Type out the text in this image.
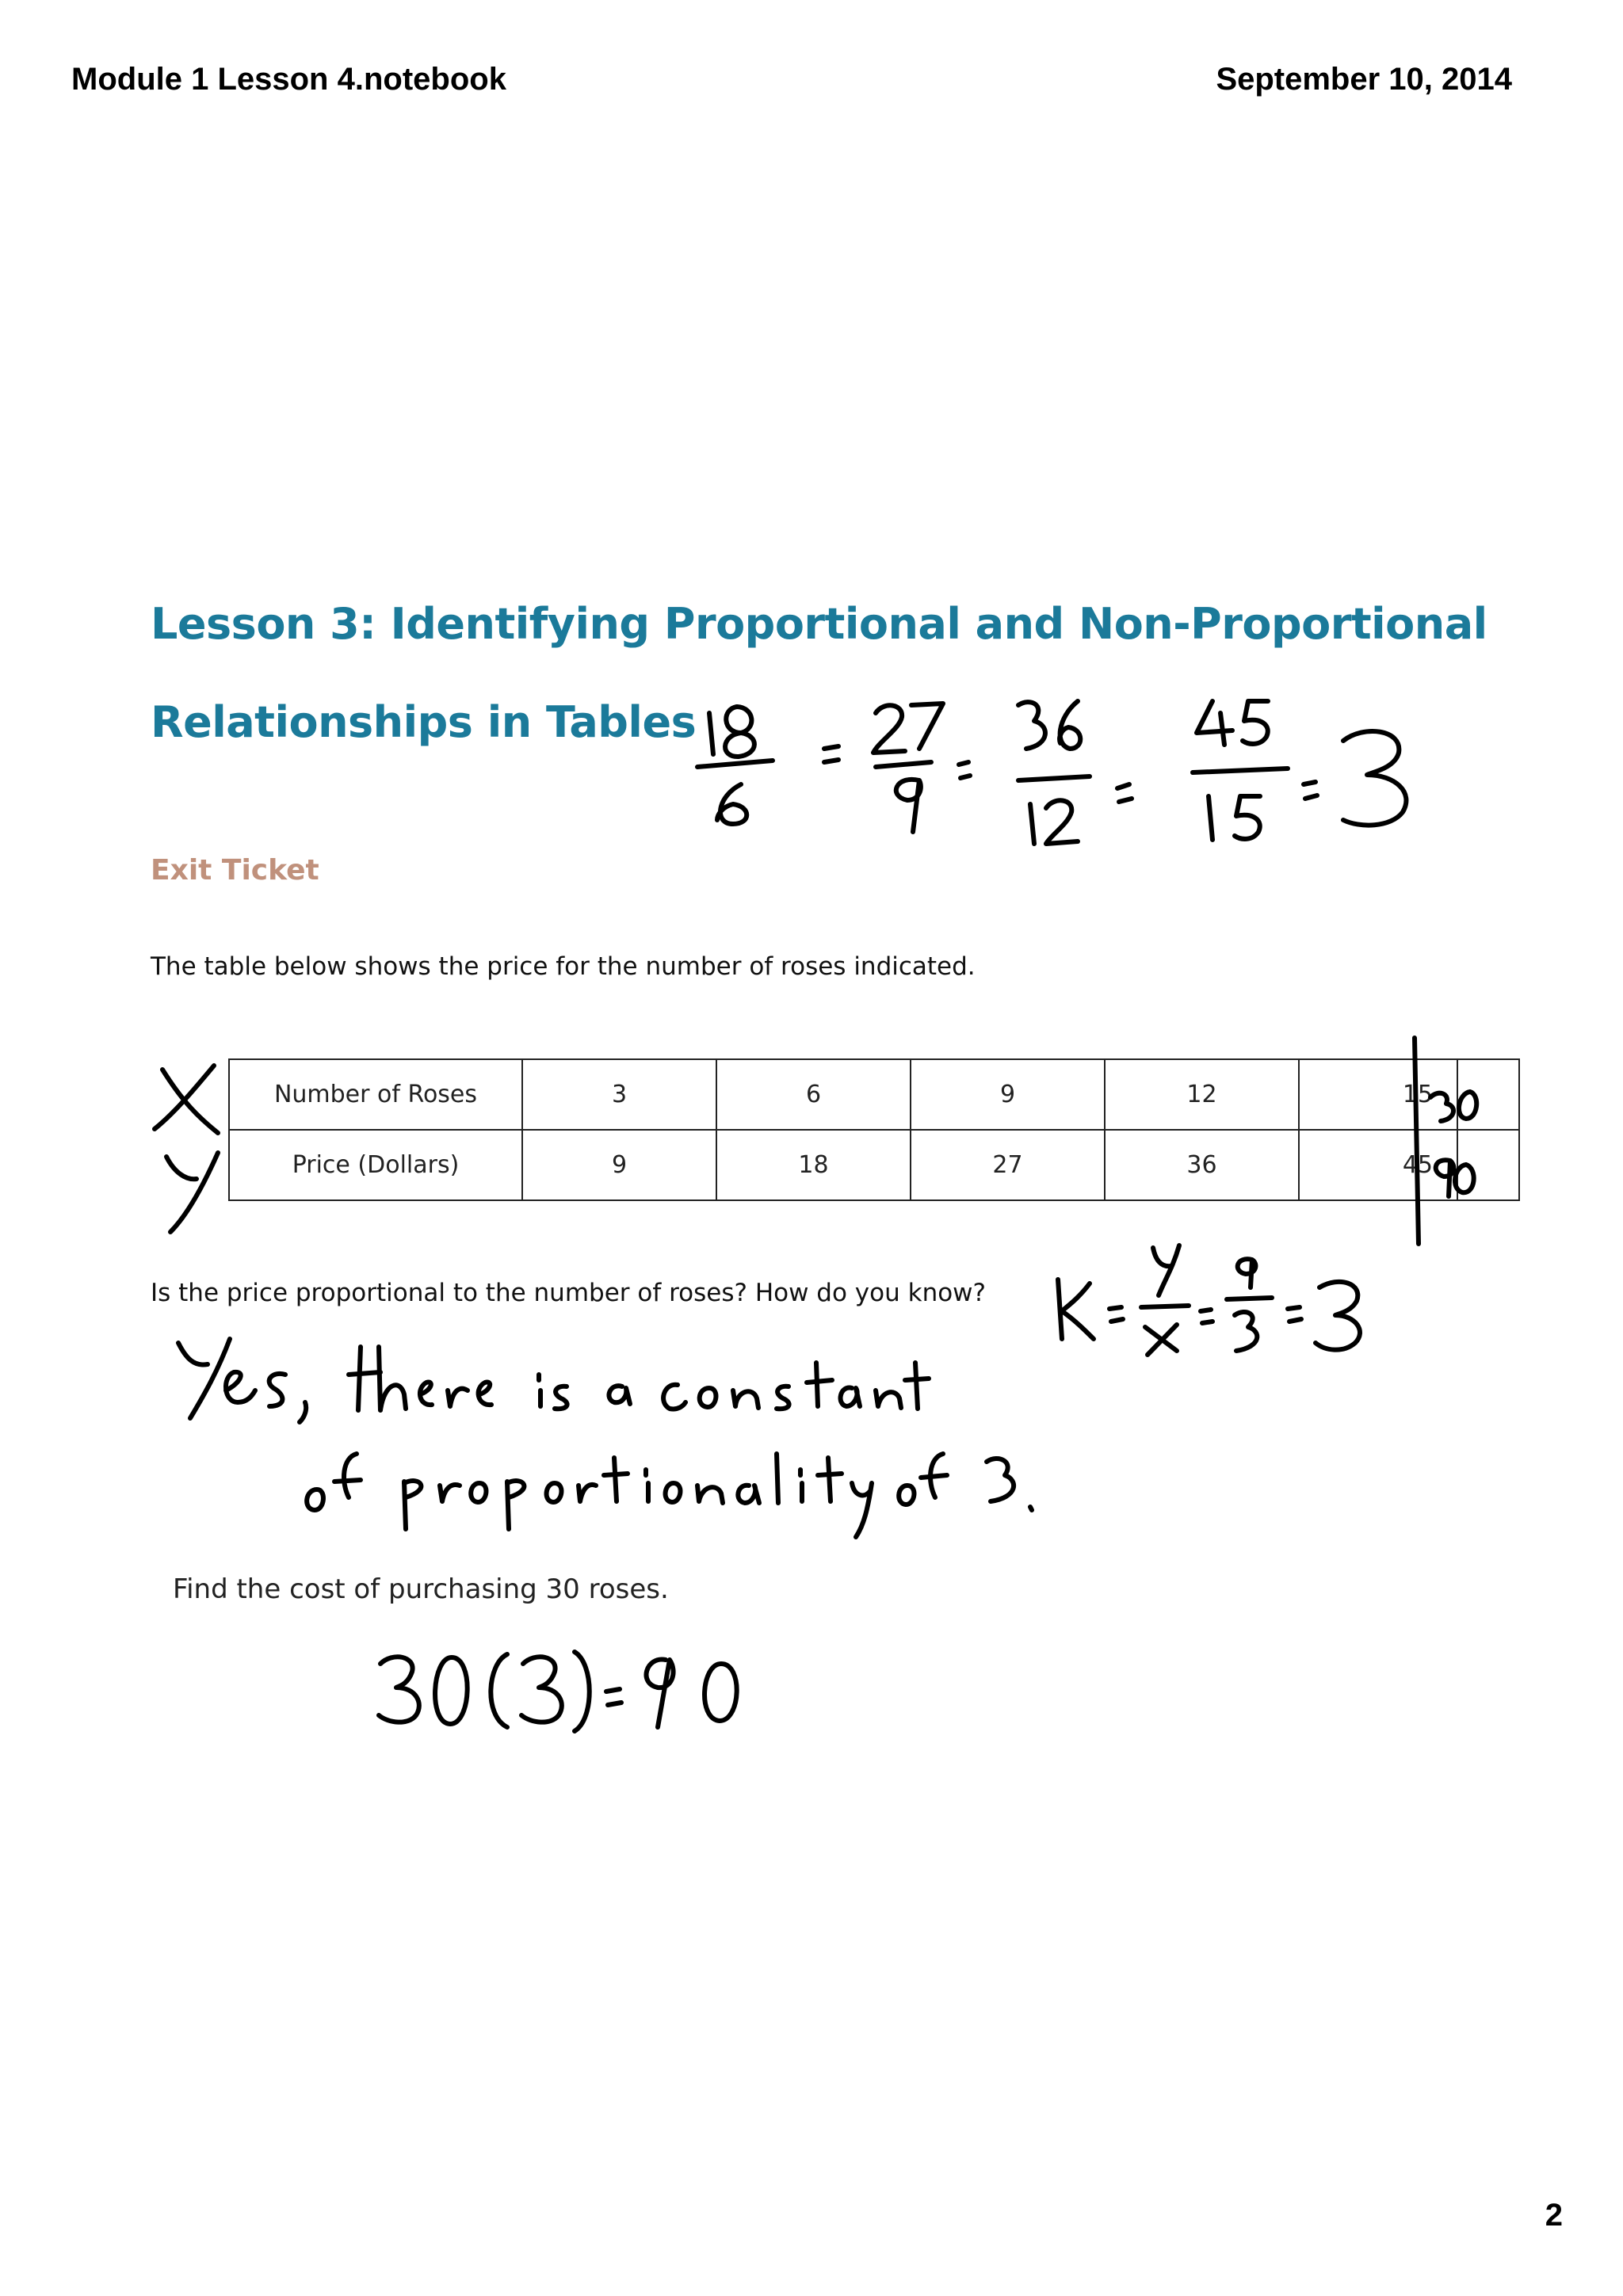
Module 1 Lesson 4.notebook	September 10, 2014
Lesson 3: Identifying Proportional and Non-Proportional
Relationships in Tables
Exit Ticket
The table below shows the price for the number of roses indicated.
Number of Roses	3	6	9	12	15	
Price (Dollars)	9	18	27	36	45	
Is the price proportional to the number of roses? How do you know?
Find the cost of purchasing 30 roses.
2
